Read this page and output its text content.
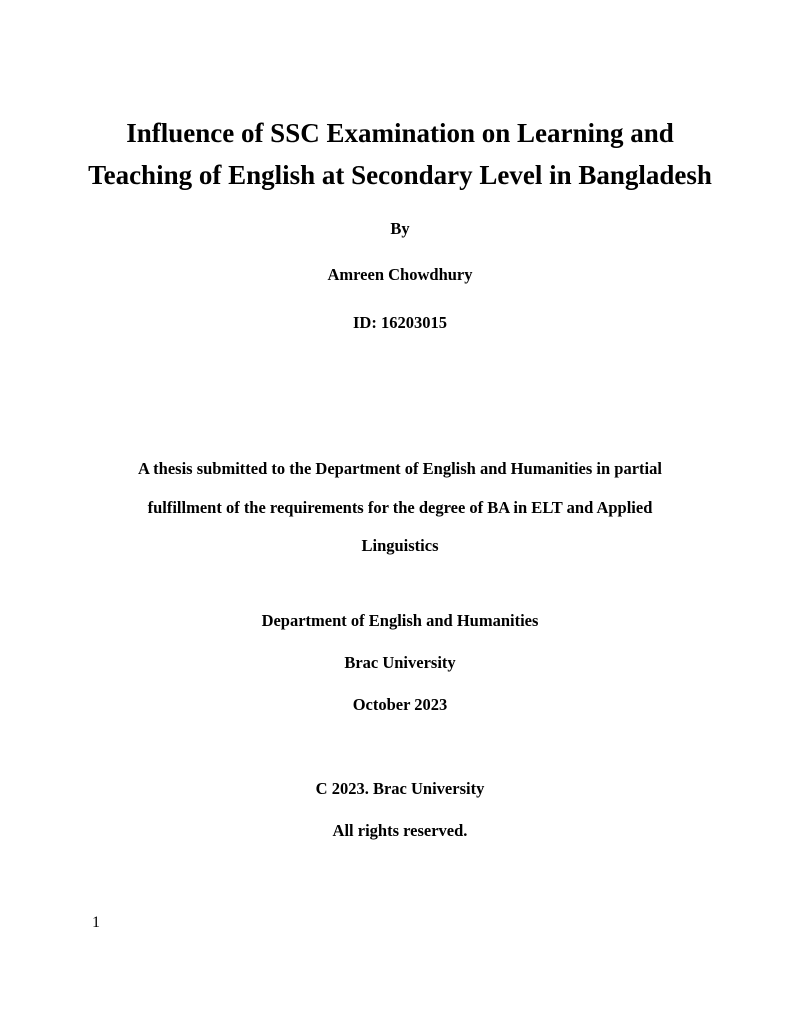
Influence of SSC Examination on Learning and
Teaching of English at Secondary Level in Bangladesh

By

Amreen Chowdhury

ID: 16203015

A thesis submitted to the Department of English and Humanities in partial
fulfillment of the requirements for the degree of BA in ELT and Applied
Linguistics

Department of English and Humanities

Brac University

October 2023

C 2023. Brac University

All rights reserved.

1
